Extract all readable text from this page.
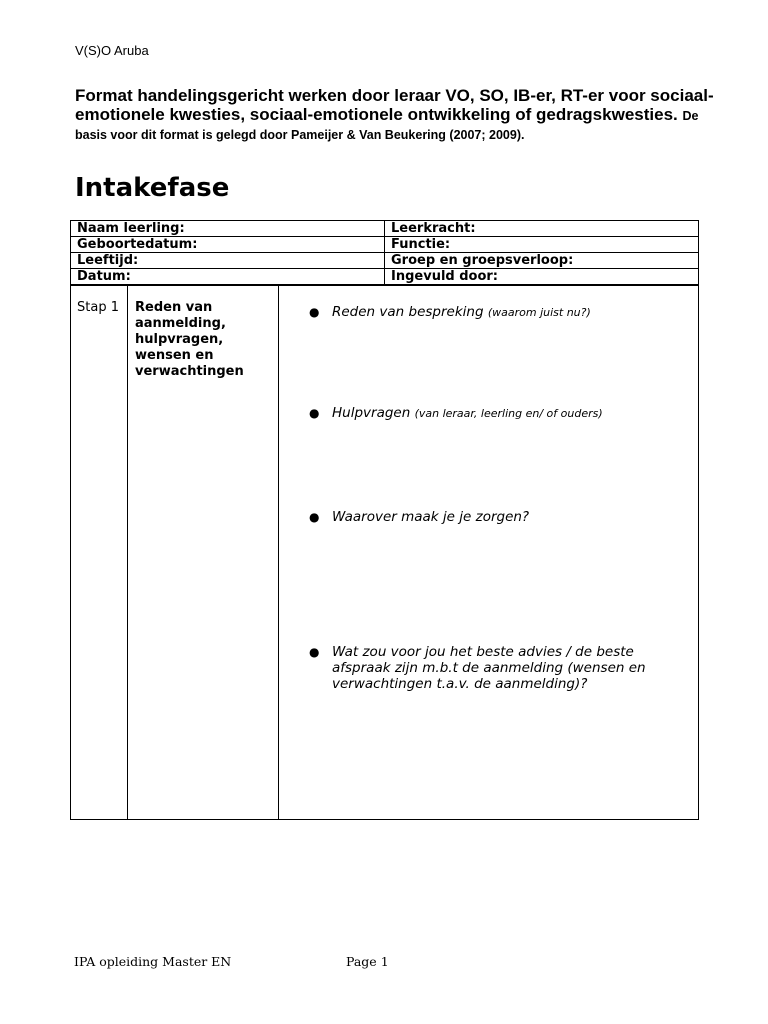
V(S)O Aruba
Format handelingsgericht werken door leraar VO, SO, IB-er, RT-er voor sociaal-emotionele kwesties, sociaal-emotionele ontwikkeling of gedragskwesties. De basis voor dit format is gelegd door Pameijer & Van Beukering (2007; 2009).
Intakefase
Naam leerling:	Leerkracht:
Geboortedatum:	Functie:
Leeftijd:	Groep en groepsverloop:
Datum:	Ingevuld door:
Stap 1	Reden van aanmelding, hulpvragen, wensen en verwachtingen	
● Reden van bespreking (waarom juist nu?)
● Hulpvragen (van leraar, leerling en/ of ouders)
● Waarover maak je je zorgen?
● Wat zou voor jou het beste advies / de beste afspraak zijn m.b.t de aanmelding (wensen en verwachtingen t.a.v. de aanmelding)?
IPA opleiding Master EN	Page 1
